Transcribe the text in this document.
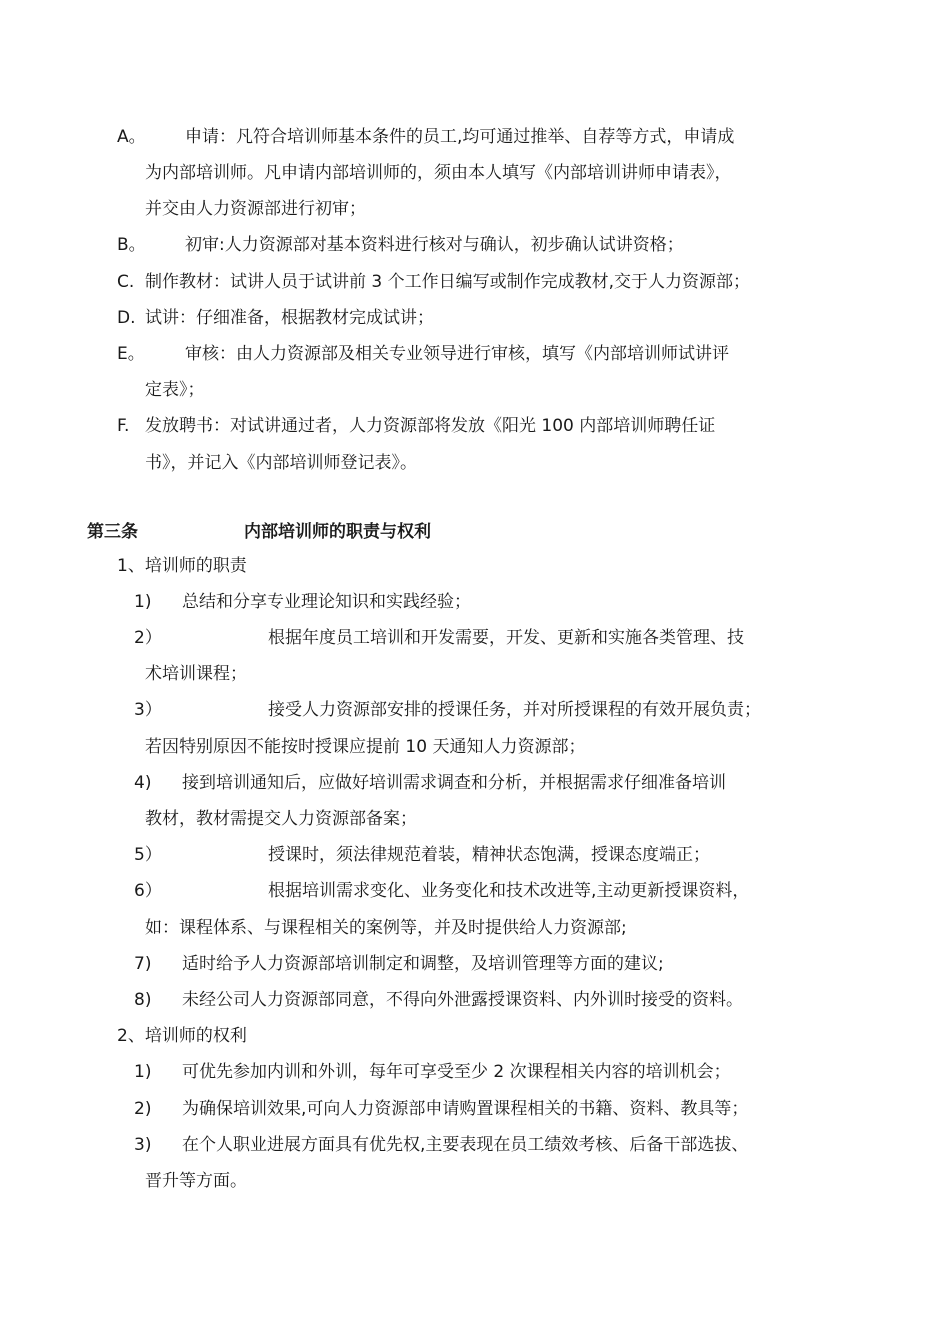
A。 申请：凡符合培训师基本条件的员工,均可通过推举、自荐等方式，申请成
为内部培训师。凡申请内部培训师的，须由本人填写《内部培训讲师申请表》，
并交由人力资源部进行初审；
B。 初审:人力资源部对基本资料进行核对与确认，初步确认试讲资格；
C. 制作教材：试讲人员于试讲前 3 个工作日编写或制作完成教材,交于人力资源部；
D. 试讲：仔细准备，根据教材完成试讲；
E。 审核：由人力资源部及相关专业领导进行审核，填写《内部培训师试讲评
定表》；
F. 发放聘书：对试讲通过者，人力资源部将发放《阳光 100 内部培训师聘任证
书》，并记入《内部培训师登记表》。
第三条	内部培训师的职责与权利
1、培训师的职责
1) 总结和分享专业理论知识和实践经验；
2）	根据年度员工培训和开发需要，开发、更新和实施各类管理、技
术培训课程；
3）	接受人力资源部安排的授课任务，并对所授课程的有效开展负责；
若因特别原因不能按时授课应提前 10 天通知人力资源部；
4) 接到培训通知后，应做好培训需求调查和分析，并根据需求仔细准备培训
教材，教材需提交人力资源部备案；
5）	授课时，须法律规范着装，精神状态饱满，授课态度端正；
6）	根据培训需求变化、业务变化和技术改进等,主动更新授课资料，
如：课程体系、与课程相关的案例等，并及时提供给人力资源部;
7) 适时给予人力资源部培训制定和调整，及培训管理等方面的建议;
8) 未经公司人力资源部同意，不得向外泄露授课资料、内外训时接受的资料。
2、培训师的权利
1) 可优先参加内训和外训，每年可享受至少 2 次课程相关内容的培训机会；
2) 为确保培训效果,可向人力资源部申请购置课程相关的书籍、资料、教具等；
3) 在个人职业进展方面具有优先权,主要表现在员工绩效考核、后备干部选拔、
晋升等方面。
